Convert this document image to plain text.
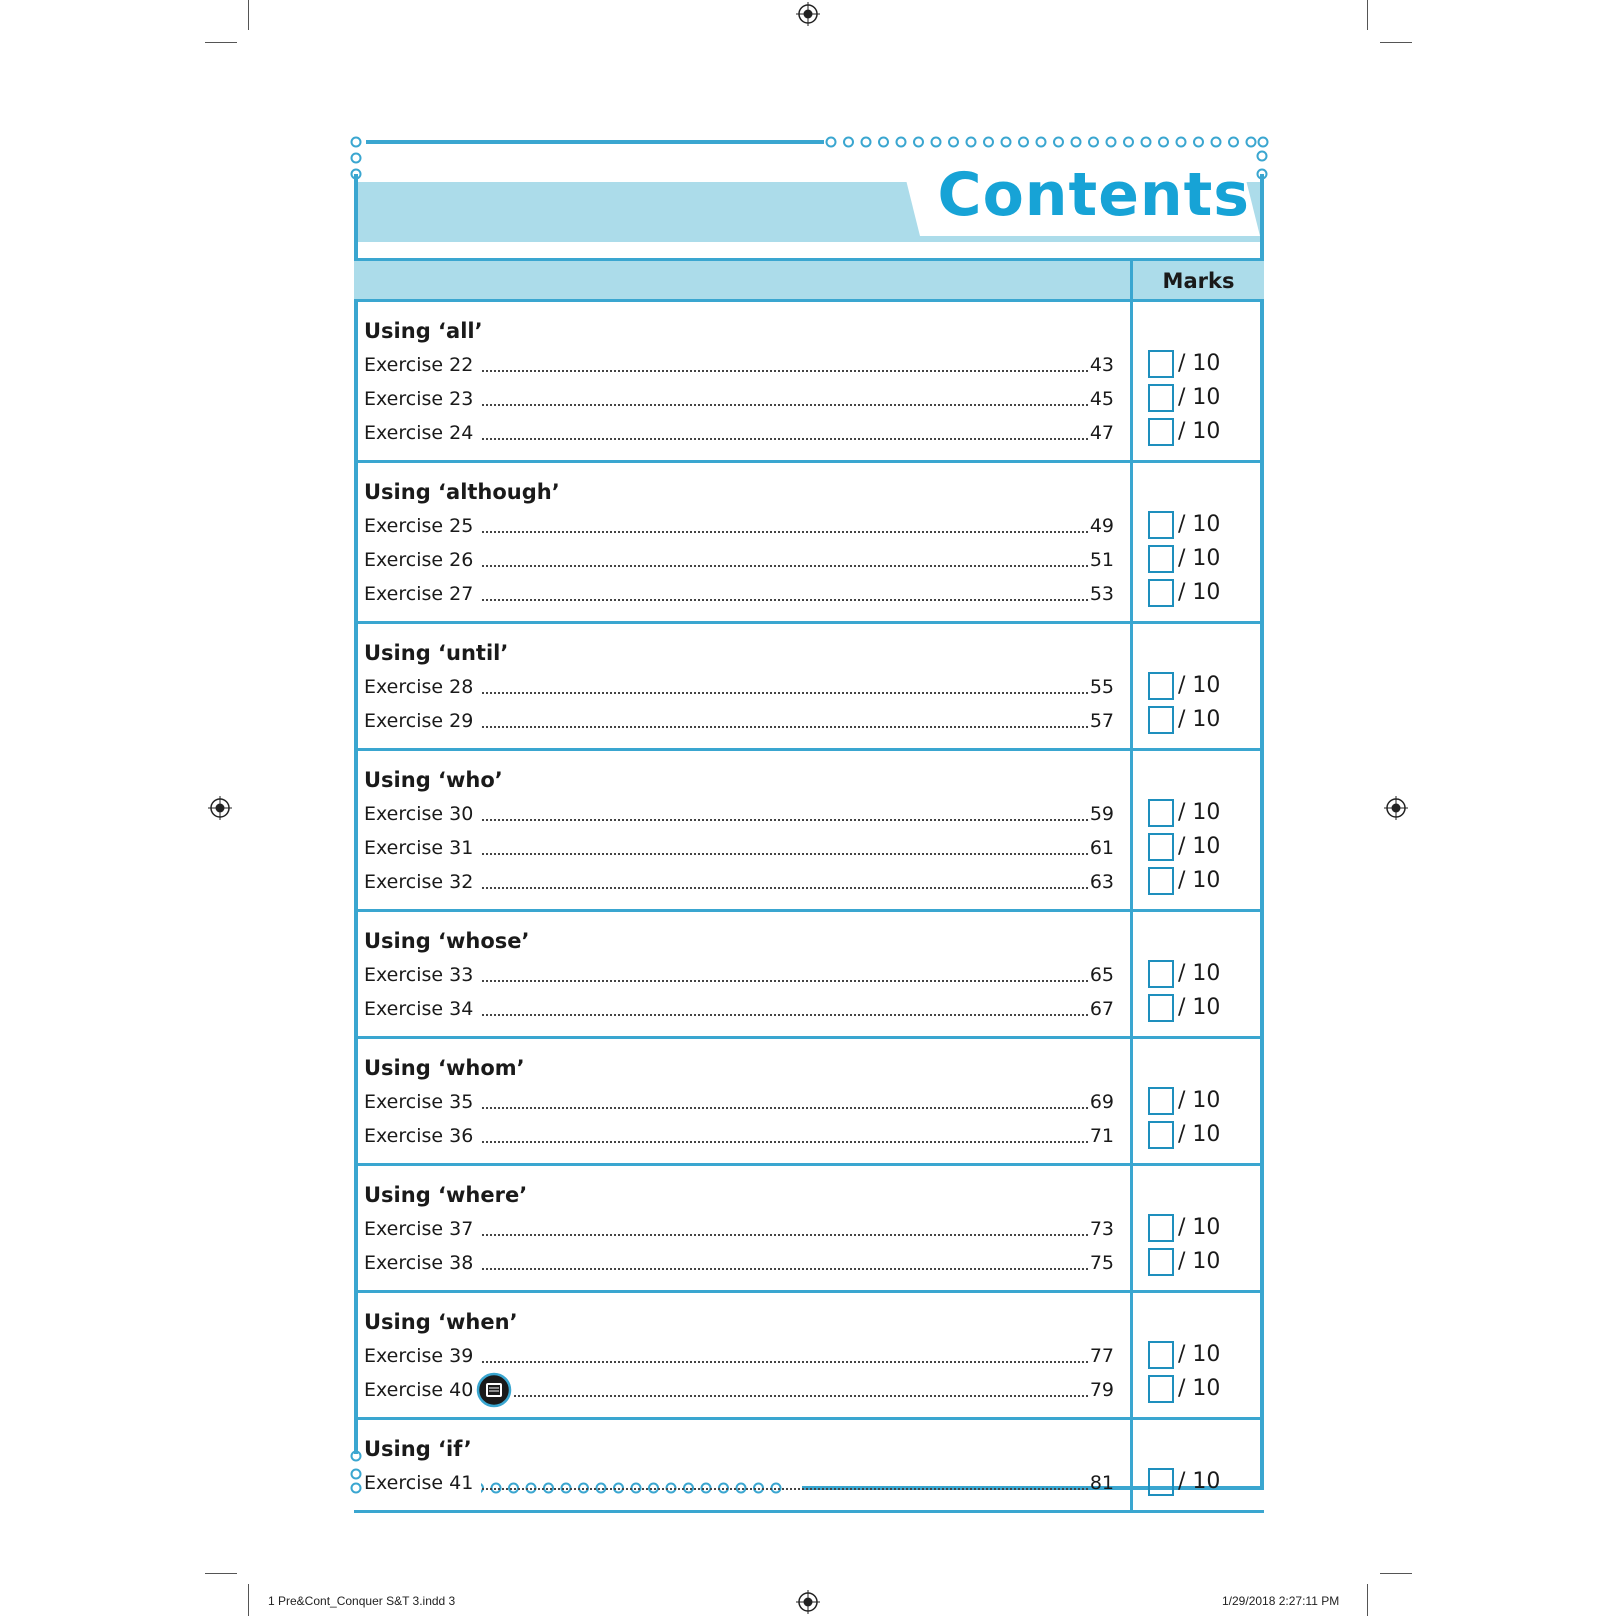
Contents
Marks
Using ‘all’
Exercise 22	43	/ 10
Exercise 23	45	/ 10
Exercise 24	47	/ 10
Using ‘although’
Exercise 25	49	/ 10
Exercise 26	51	/ 10
Exercise 27	53	/ 10
Using ‘until’
Exercise 28	55	/ 10
Exercise 29	57	/ 10
Using ‘who’
Exercise 30	59	/ 10
Exercise 31	61	/ 10
Exercise 32	63	/ 10
Using ‘whose’
Exercise 33	65	/ 10
Exercise 34	67	/ 10
Using ‘whom’
Exercise 35	69	/ 10
Exercise 36	71	/ 10
Using ‘where’
Exercise 37	73	/ 10
Exercise 38	75	/ 10
Using ‘when’
Exercise 39	77	/ 10
Exercise 40	79	/ 10
Using ‘if’
Exercise 41	81	/ 10
1 Pre&Cont_Conquer S&T 3.indd 3	1/29/2018 2:27:11 PM
